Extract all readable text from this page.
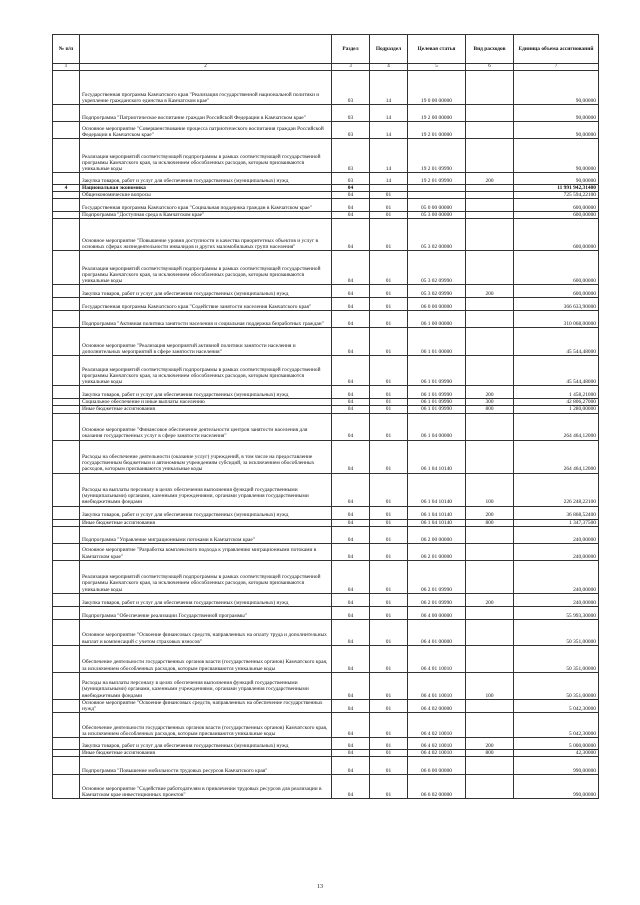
№ п/п		Раздел	Подраздел	Целевая статья	Вид расходов	Единица объема ассигнований
1	2	3	4	5	6	7
	Государственная программа Камчатского края "Реализация государственной национальной политики и укрепление гражданского единства в Камчатском крае"	03	14	19 0 00 00000		90,00000
	Подпрограмма "Патриотическое воспитание граждан Российской Федерации в Камчатском крае"	03	14	19 2 00 00000		90,00000
	Основное мероприятие "Совершенствование процесса патриотического воспитания граждан Российской Федерации в Камчатском крае"	03	14	19 2 01 00000		90,00000
	Реализация мероприятий соответствующей подпрограммы в рамках соответствующей государственной программы Камчатского края, за исключением обособленных расходов, которым присваиваются уникальные коды	03	14	19 2 01 09990		90,00000
	Закупка товаров, работ и услуг для обеспечения государственных (муниципальных) нужд	03	14	19 2 01 09990	200	90,00000
4	Национальная экономика	04				11 991 942,31400
	Общеэкономические вопросы	04	01			725 594,22100
	Государственная программа Камчатского края "Социальная поддержка граждан в Камчатском крае"	04	01	05 0 00 00000		600,00000
	Подпрограмма "Доступная среда в Камчатском крае"	04	01	05 3 00 00000		600,00000
	Основное мероприятие "Повышение уровня доступности и качества приоритетных объектов и услуг в основных сферах жизнедеятельности инвалидов и других маломобильных групп населения"	04	01	05 3 02 00000		600,00000
	Реализация мероприятий соответствующей подпрограммы в рамках соответствующей государственной программы Камчатского края, за исключением обособленных расходов, которым присваиваются уникальные коды	04	01	05 3 02 09990		600,00000
	Закупка товаров, работ и услуг для обеспечения государственных (муниципальных) нужд	04	01	05 3 02 09990	200	600,00000
	Государственная программа Камчатского края "Содействие занятости населения Камчатского края"	04	01	06 0 00 00000		366 633,90000
	Подпрограмма "Активная политика занятости населения и социальная поддержка безработных граждан"	04	01	06 1 00 00000		310 068,00000
	Основное мероприятие "Реализация мероприятий активной политики занятости населения и дополнительных мероприятий в сфере занятости населения"	04	01	06 1 01 00000		45 544,48000
	Реализация мероприятий соответствующей подпрограммы в рамках соответствующей государственной программы Камчатского края, за исключением обособленных расходов, которым присваиваются уникальные коды	04	01	06 1 01 09990		45 544,48000
	Закупка товаров, работ и услуг для обеспечения государственных (муниципальных) нужд	04	01	06 1 01 09990	200	1 458,21000
	Социальное обеспечение и иные выплаты населению	04	01	06 1 01 09990	300	42 806,27000
	Иные бюджетные ассигнования	04	01	06 1 01 09990	800	1 280,00000
	Основное мероприятие "Финансовое обеспечение деятельности центров занятости населения для оказания государственных услуг в сфере занятости населения"	04	01	06 1 04 00000		264 464,12000
	Расходы на обеспечение деятельности (оказание услуг) учреждений, в том числе на предоставление государственным бюджетным и автономным учреждениям субсидий, за исключением обособленных расходов, которым присваиваются уникальные коды	04	01	06 1 04 10140		264 464,12000
	Расходы на выплаты персоналу в целях обеспечения выполнения функций государственными (муниципальными) органами, казенными учреждениями, органами управления государственными внебюджетными фондами	04	01	06 1 04 10140	100	226 248,22100
	Закупка товаров, работ и услуг для обеспечения государственных (муниципальных) нужд	04	01	06 1 04 10140	200	36 868,52400
	Иные бюджетные ассигнования	04	01	06 1 04 10140	800	1 347,37500
	Подпрограмма "Управление миграционными потоками в Камчатском крае"	04	01	06 2 00 00000		240,00000
	Основное мероприятие "Разработка комплексного подхода к управлению миграционными потоками в Камчатском крае"	04	01	06 2 01 00000		240,00000
	Реализация мероприятий соответствующей подпрограммы в рамках соответствующей государственной программы Камчатского края, за исключением обособленных расходов, которым присваиваются уникальные коды	04	01	06 2 01 09990		240,00000
	Закупка товаров, работ и услуг для обеспечения государственных (муниципальных) нужд	04	01	06 2 01 09990	200	240,00000
	Подпрограмма "Обеспечение реализации Государственной программы"	04	01	06 4 00 00000		55 993,30000
	Основное мероприятие "Освоение финансовых средств, направленных на оплату труда и дополнительных выплат и компенсаций с учетом страховых взносов"	04	01	06 4 01 00000		50 351,00000
	Обеспечение деятельности государственных органов власти (государственных органов) Камчатского края, за исключением обособленных расходов, которым присваиваются уникальные коды	04	01	06 4 01 10010		50 351,00000
	Расходы на выплаты персоналу в целях обеспечения выполнения функций государственными (муниципальными) органами, казенными учреждениями, органами управления государственными внебюджетными фондами	04	01	06 4 01 10010	100	50 351,00000
	Основное мероприятие "Освоение финансовых средств, направленных на обеспечение государственных нужд"	04	01	06 4 02 00000		5 042,30000
	Обеспечение деятельности государственных органов власти (государственных органов) Камчатского края, за исключением обособленных расходов, которым присваиваются уникальные коды	04	01	06 4 02 10010		5 042,30000
	Закупка товаров, работ и услуг для обеспечения государственных (муниципальных) нужд	04	01	06 4 02 10010	200	5 000,00000
	Иные бюджетные ассигнования	04	01	06 4 02 10010	800	42,30000
	Подпрограмма "Повышение мобильности трудовых ресурсов Камчатского края"	04	01	06 6 00 00000		990,00000
	Основное мероприятие "Содействие работодателям в привлечении трудовых ресурсов для реализации в Камчатском крае инвестиционных проектов"	04	01	06 6 02 00000		990,00000
13
